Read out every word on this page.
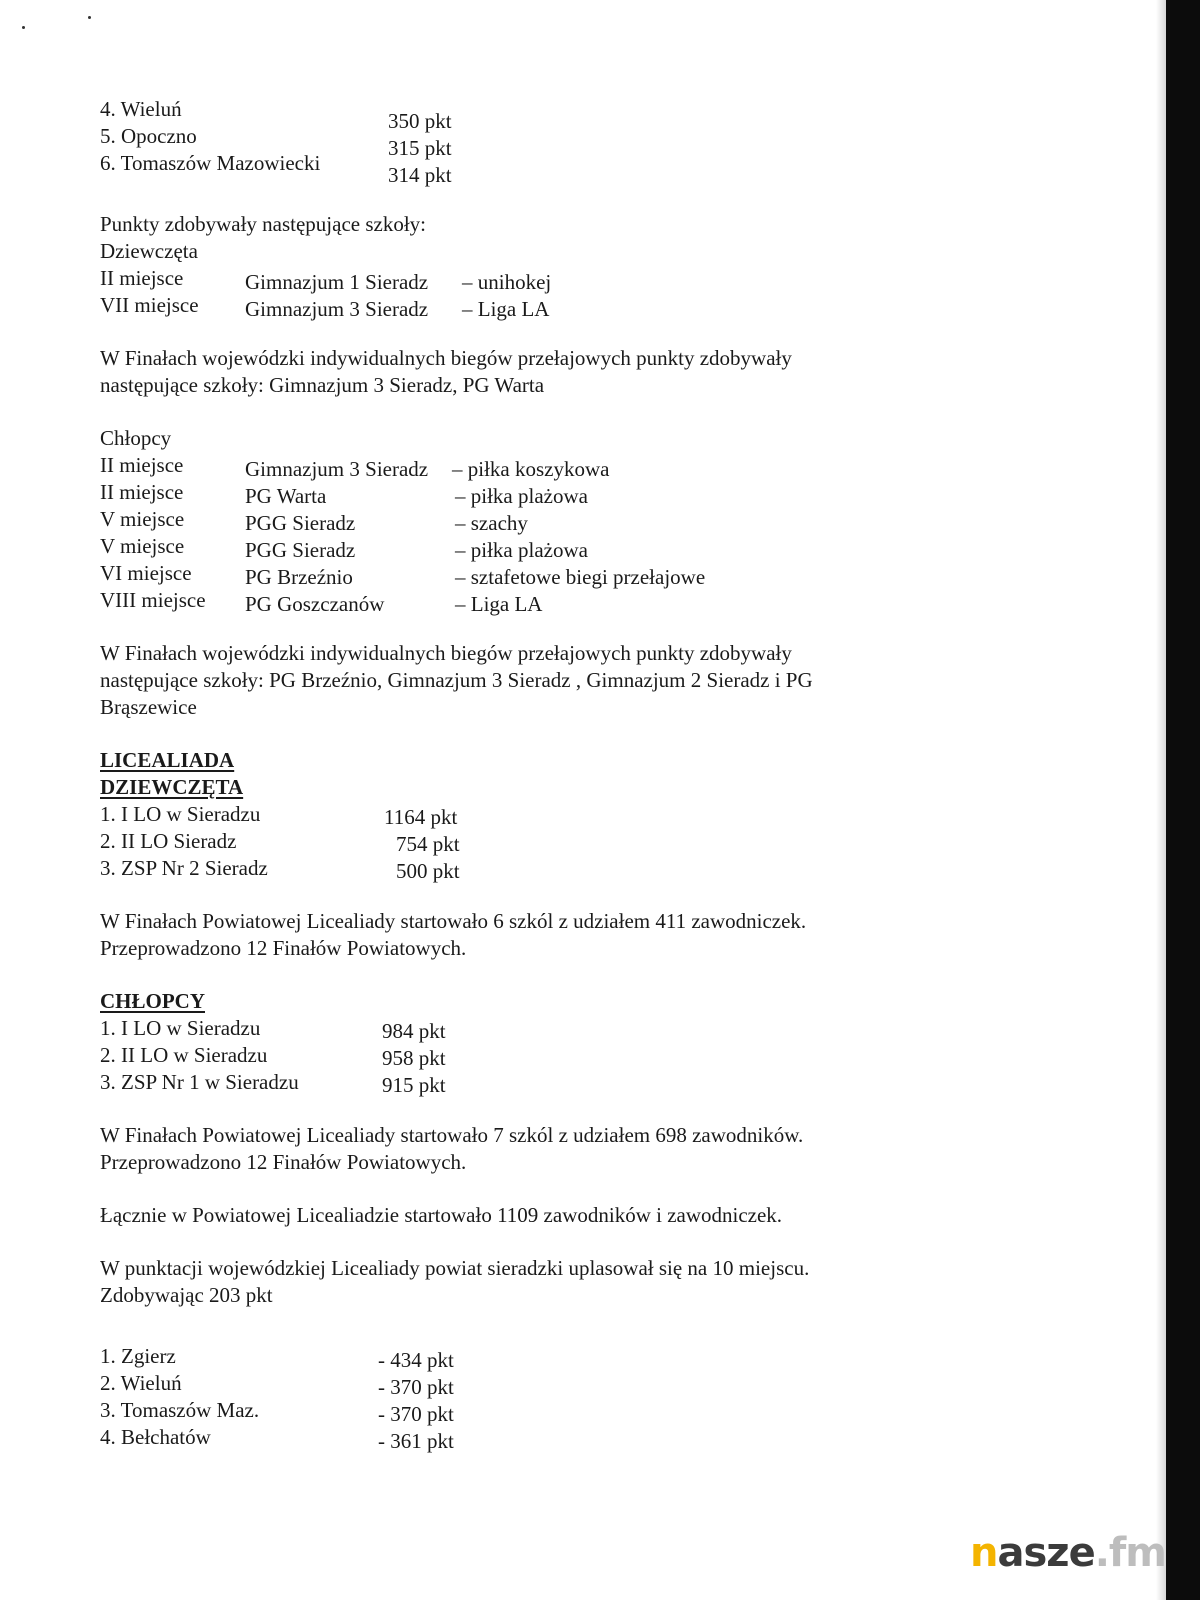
4. Wieluń	350 pkt
5. Opoczno	315 pkt
6. Tomaszów Mazowiecki	314 pkt

Punkty zdobywały następujące szkoły:

Dziewczęta

II miejsce	Gimnazjum 1 Sieradz – unihokej
VII miejsce Gimnazjum 3 Sieradz – Liga LA

W Finałach wojewódzki indywidualnych biegów przełajowych punkty zdobywały
następujące szkoły: Gimnazjum 3 Sieradz, PG Warta

Chłopcy

II miejsce	Gimnazjum 3 Sieradz – piłka koszykowa
II miejsce	PG Warta	– piłka plażowa
V miejsce	PGG Sieradz	– szachy
V miejsce	PGG Sieradz	– piłka plażowa
VI miejsce	PG Brzeźnio	– sztafetowe biegi przełajowe
VIII miejsce PG Goszczanów	– Liga LA

W Finałach wojewódzki indywidualnych biegów przełajowych punkty zdobywały
następujące szkoły: PG Brzeźnio, Gimnazjum 3 Sieradz , Gimnazjum 2 Sieradz i PG
Brąszewice

LICEALIADA

DZIEWCZĘTA

1. I LO w Sieradzu	1164 pkt
2. II LO Sieradz	754 pkt
3. ZSP Nr 2 Sieradz	500 pkt

W Finałach Powiatowej Licealiady startowało 6 szkól z udziałem 411 zawodniczek.
Przeprowadzono 12 Finałów Powiatowych.

CHŁOPCY

1. I LO w Sieradzu	984 pkt
2. II LO w Sieradzu	958 pkt
3. ZSP Nr 1 w Sieradzu	915 pkt

W Finałach Powiatowej Licealiady startowało 7 szkól z udziałem 698 zawodników.
Przeprowadzono 12 Finałów Powiatowych.

Łącznie w Powiatowej Licealiadzie startowało 1109 zawodników i zawodniczek.

W punktacji wojewódzkiej Licealiady powiat sieradzki uplasował się na 10 miejscu.
Zdobywając 203 pkt

1. Zgierz	- 434 pkt
2. Wieluń	- 370 pkt
3. Tomaszów Maz.	- 370 pkt
4. Bełchatów	- 361 pkt
nasze.fm
